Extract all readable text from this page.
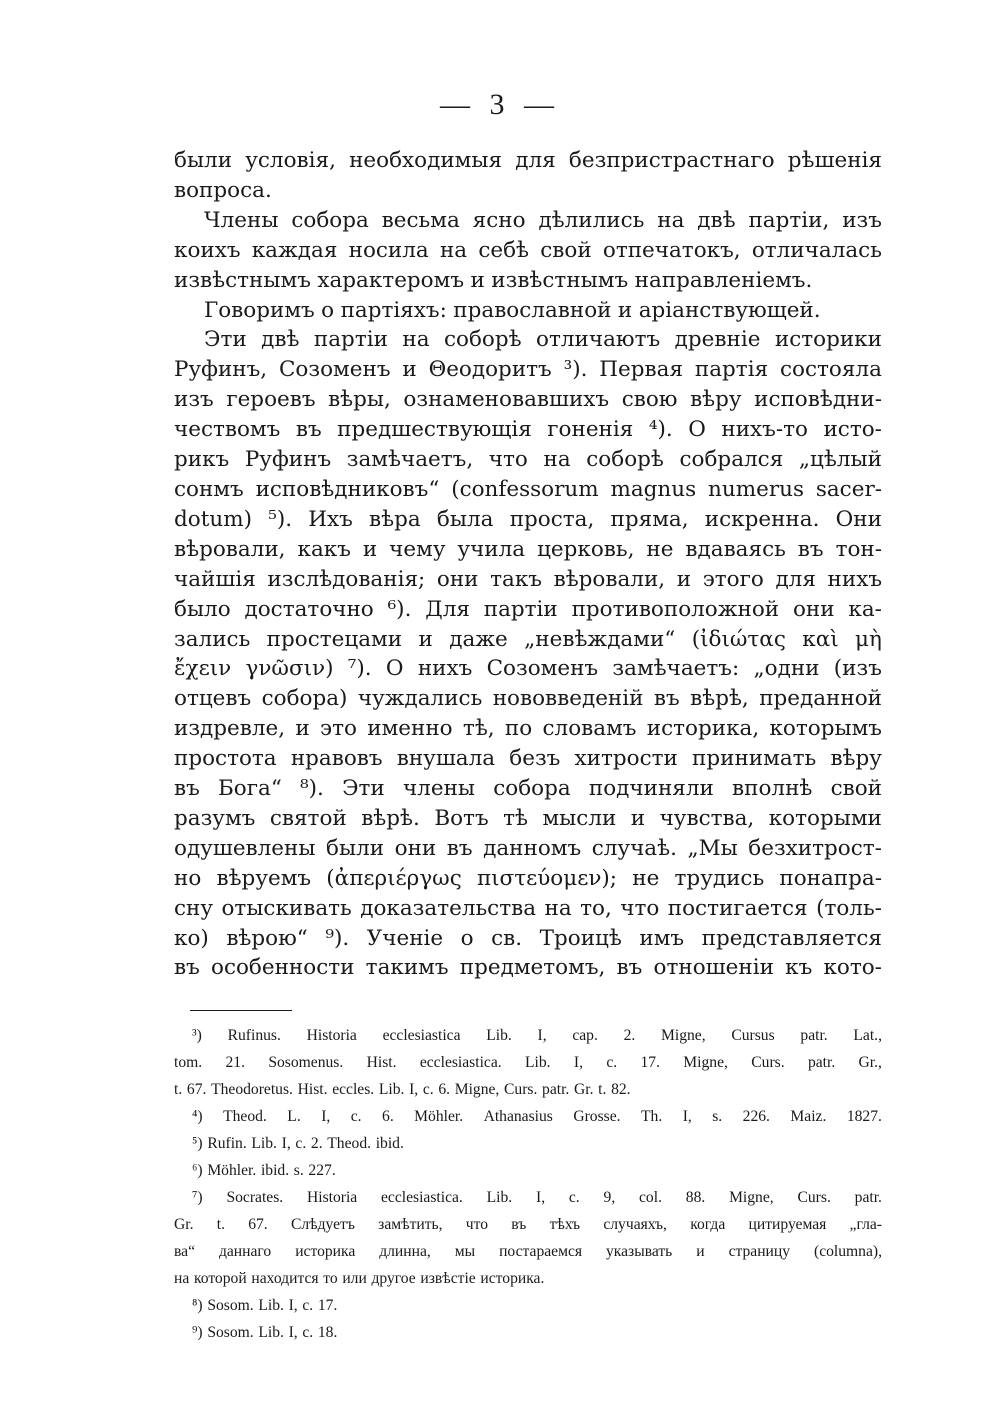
— 3 —
были условія, необходимыя для безпристрастнаго рѣшенія
вопроса.
Члены собора весьма ясно дѣлились на двѣ партіи, изъ
коихъ каждая носила на себѣ свой отпечатокъ, отличалась
извѣстнымъ характеромъ и извѣстнымъ направленіемъ.
Говоримъ о партіяхъ: православной и аріанствующей.
Эти двѣ партіи на соборѣ отличаютъ древніе историки
Руфинъ, Созоменъ и Θеодоритъ ³). Первая партія состояла
изъ героевъ вѣры, ознаменовавшихъ свою вѣру исповѣдни-
чествомъ въ предшествующія гоненія ⁴). О нихъ-то исто-
рикъ Руфинъ замѣчаетъ, что на соборѣ собрался „цѣлый
сонмъ исповѣдниковъ“ (confessorum magnus numerus sacer-
dotum) ⁵). Ихъ вѣра была проста, пряма, искренна. Они
вѣровали, какъ и чему учила церковь, не вдаваясь въ тон-
чайшія изслѣдованія; они такъ вѣровали, и этого для нихъ
было достаточно ⁶). Для партіи противоположной они ка-
зались простецами и даже „невѣждами“ (ἰδιώτας καὶ μὴ
ἔχειν γνῶσιν) ⁷). О нихъ Созоменъ замѣчаетъ: „одни (изъ
отцевъ собора) чуждались нововведеній въ вѣрѣ, преданной
издревле, и это именно тѣ, по словамъ историка, которымъ
простота нравовъ внушала безъ хитрости принимать вѣру
въ Бога“ ⁸). Эти члены собора подчиняли вполнѣ свой
разумъ святой вѣрѣ. Вотъ тѣ мысли и чувства, которыми
одушевлены были они въ данномъ случаѣ. „Мы безхитрост-
но вѣруемъ (ἀπεριέργως πιστεύομεν); не трудись понапра-
сну отыскивать доказательства на то, что постигается (толь-
ко) вѣрою“ ⁹). Ученіе о св. Троицѣ имъ представляется
въ особенности такимъ предметомъ, въ отношеніи къ кото-
³) Rufinus. Historia ecclesiastica Lib. I, cap. 2. Migne, Cursus patr. Lat.,
tom. 21. Sosomenus. Hist. ecclesiastica. Lib. I, c. 17. Migne, Curs. patr. Gr.,
t. 67. Theodoretus. Hist. eccles. Lib. I, c. 6. Migne, Curs. patr. Gr. t. 82.
⁴) Theod. L. I, c. 6. Möhler. Athanasius Grosse. Th. I, s. 226. Maiz. 1827.
⁵) Rufin. Lib. I, c. 2. Theod. ibid.
⁶) Möhler. ibid. s. 227.
⁷) Socrates. Historia ecclesiastica. Lib. I, c. 9, col. 88. Migne, Curs. patr.
Gr. t. 67. Слѣдуетъ замѣтить, что въ тѣхъ случаяхъ, когда цитируемая „гла-
ва“ даннаго историка длинна, мы постараемся указывать и страницу (columna),
на которой находится то или другое извѣстіе историка.
⁸) Sosom. Lib. I, c. 17.
⁹) Sosom. Lib. I, c. 18.
